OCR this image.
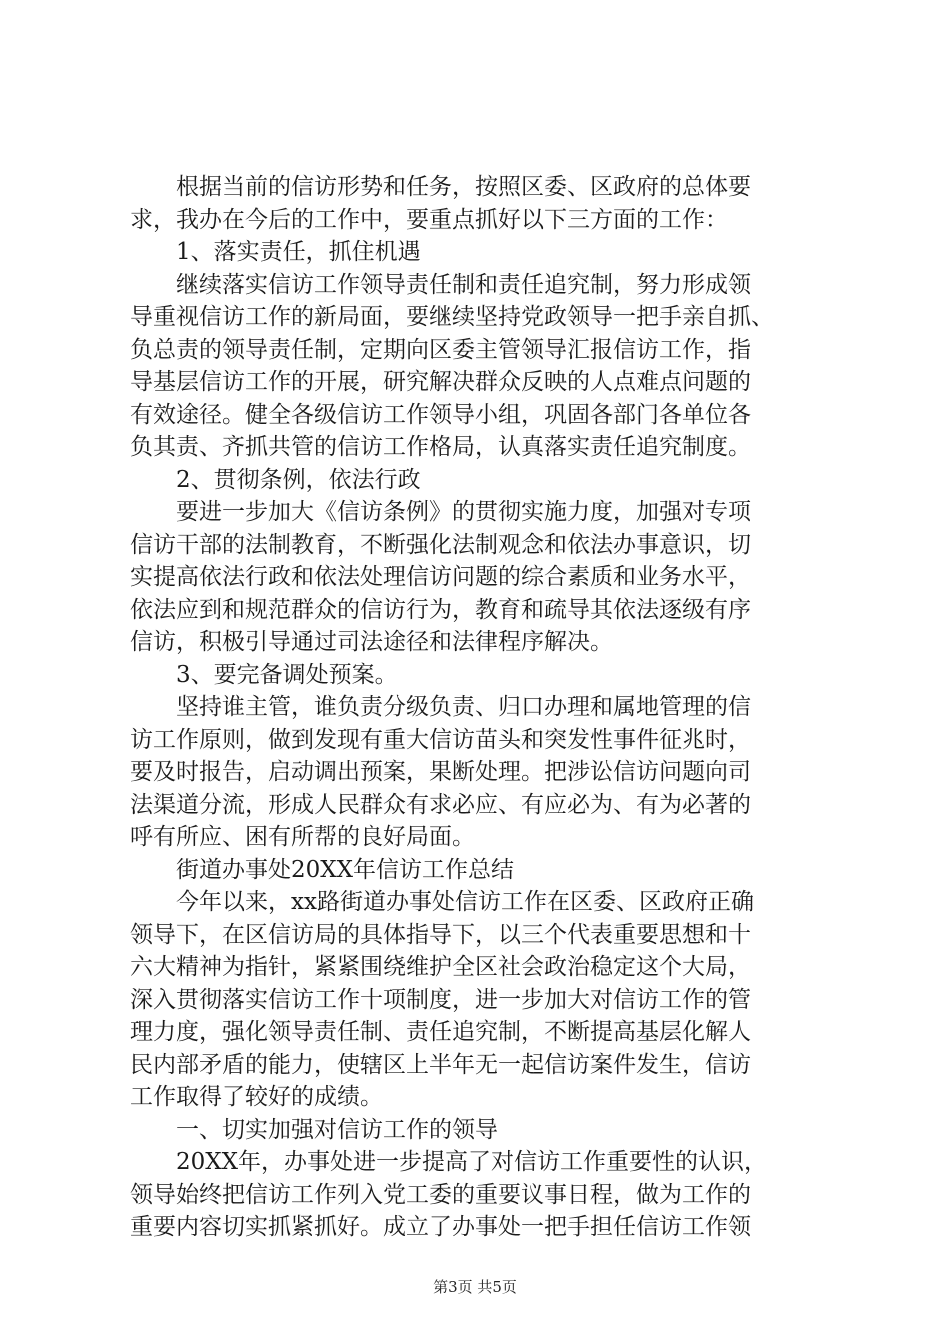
　　根据当前的信访形势和任务，按照区委、区政府的总体要
求，我办在今后的工作中，要重点抓好以下三方面的工作：
　　1、落实责任，抓住机遇
　　继续落实信访工作领导责任制和责任追究制，努力形成领
导重视信访工作的新局面，要继续坚持党政领导一把手亲自抓、
负总责的领导责任制，定期向区委主管领导汇报信访工作，指
导基层信访工作的开展，研究解决群众反映的人点难点问题的
有效途径。健全各级信访工作领导小组，巩固各部门各单位各
负其责、齐抓共管的信访工作格局，认真落实责任追究制度。
　　2、贯彻条例，依法行政
　　要进一步加大《信访条例》的贯彻实施力度，加强对专项
信访干部的法制教育，不断强化法制观念和依法办事意识，切
实提高依法行政和依法处理信访问题的综合素质和业务水平，
依法应到和规范群众的信访行为，教育和疏导其依法逐级有序
信访，积极引导通过司法途径和法律程序解决。
　　3、要完备调处预案。
　　坚持谁主管，谁负责分级负责、归口办理和属地管理的信
访工作原则，做到发现有重大信访苗头和突发性事件征兆时，
要及时报告，启动调出预案，果断处理。把涉讼信访问题向司
法渠道分流，形成人民群众有求必应、有应必为、有为必著的
呼有所应、困有所帮的良好局面。
　　街道办事处20XX年信访工作总结
　　今年以来，xx路街道办事处信访工作在区委、区政府正确
领导下，在区信访局的具体指导下，以三个代表重要思想和十
六大精神为指针，紧紧围绕维护全区社会政治稳定这个大局，
深入贯彻落实信访工作十项制度，进一步加大对信访工作的管
理力度，强化领导责任制、责任追究制，不断提高基层化解人
民内部矛盾的能力，使辖区上半年无一起信访案件发生，信访
工作取得了较好的成绩。
　　一、切实加强对信访工作的领导
　　20XX年，办事处进一步提高了对信访工作重要性的认识，
领导始终把信访工作列入党工委的重要议事日程，做为工作的
重要内容切实抓紧抓好。成立了办事处一把手担任信访工作领
第3页 共5页
